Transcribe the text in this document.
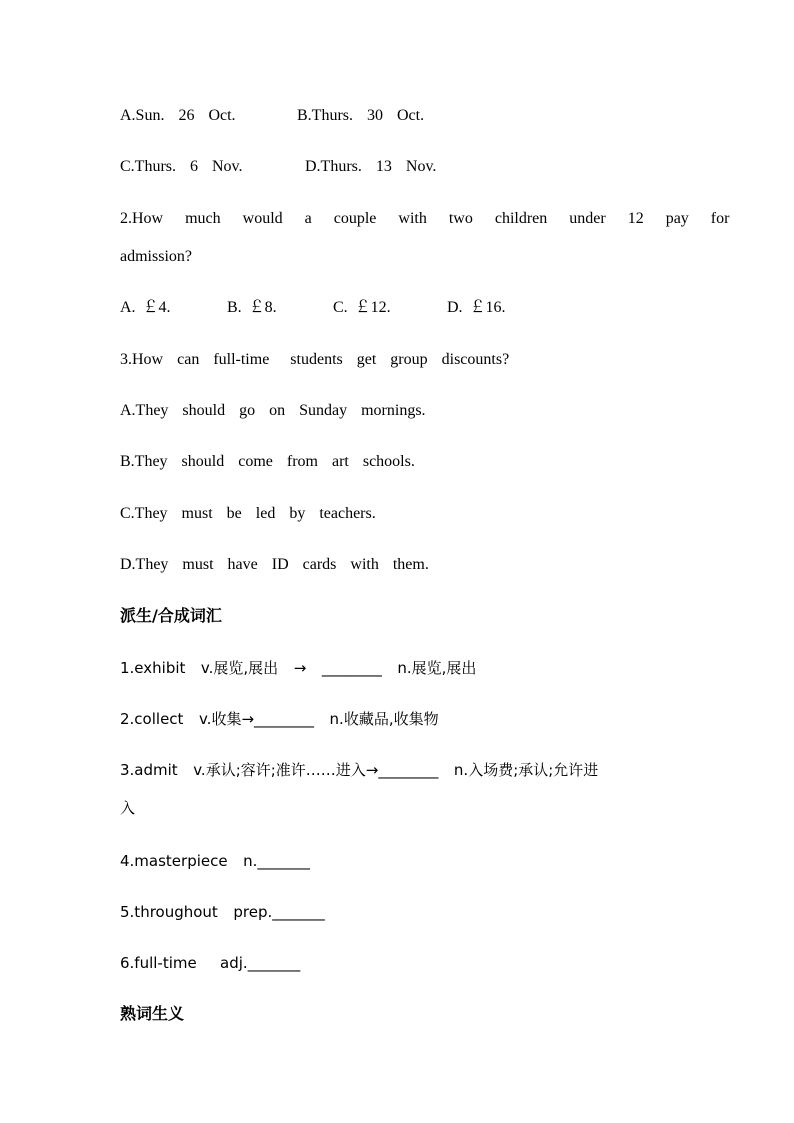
A.Sun.  26  Oct.

	B.Thurs.  30  Oct.

C.Thurs.  6  Nov.

	D.Thurs.  13  Nov.

2.How  much  would  a  couple  with  two  children  under  12  pay  for
admission?

A. ￡4.

	B. ￡8.

	C. ￡12.

	D. ￡16.

3.How  can  full-time   students  get  group  discounts?
A.They  should  go  on  Sunday  mornings.
B.They  should  come  from  art  schools.
C.They  must  be  led  by  teachers.
D.They  must  have  ID  cards  with  them.
派生/合成词汇
1.exhibit  v.展览,展出  →  ________  n.展览,展出
2.collect  v.收集→________  n.收藏品,收集物
3.admit  v.承认;容许;准许……进入→________  n.入场费;承认;允许进
入
4.masterpiece  n._______
5.throughout  prep._______
6.full-time   adj._______
熟词生义
